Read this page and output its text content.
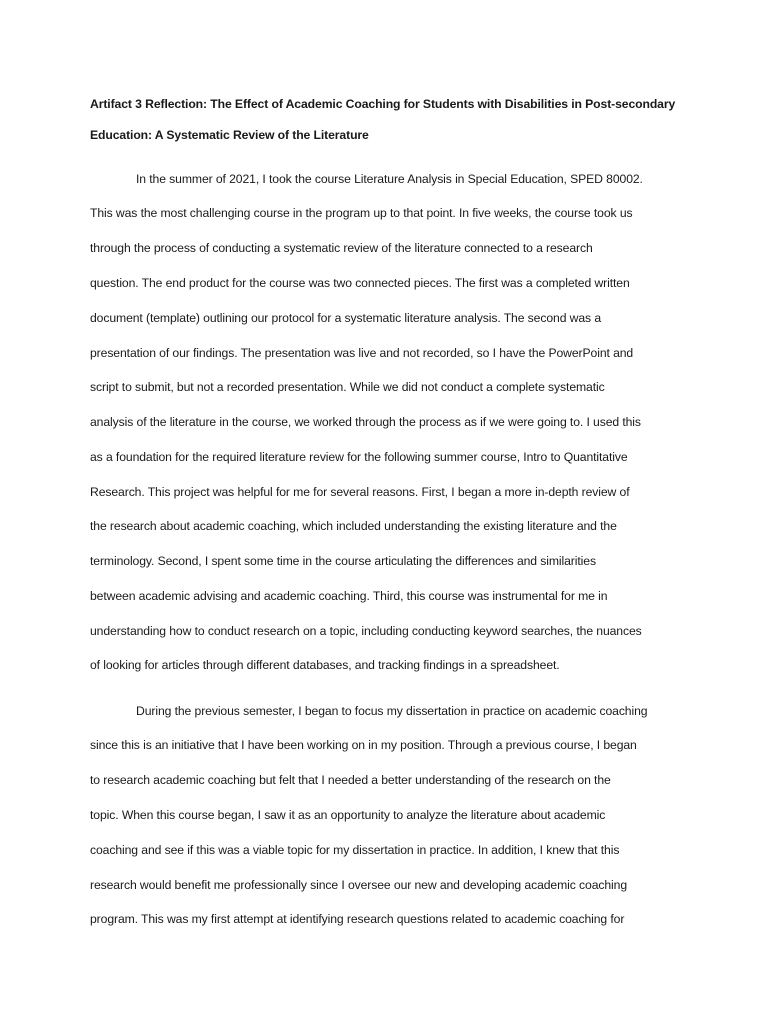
Artifact 3 Reflection: The Effect of Academic Coaching for Students with Disabilities in Post-secondary

Education: A Systematic Review of the Literature

In the summer of 2021, I took the course Literature Analysis in Special Education, SPED 80002.

This was the most challenging course in the program up to that point. In five weeks, the course took us

through the process of conducting a systematic review of the literature connected to a research

question. The end product for the course was two connected pieces. The first was a completed written

document (template) outlining our protocol for a systematic literature analysis. The second was a

presentation of our findings. The presentation was live and not recorded, so I have the PowerPoint and

script to submit, but not a recorded presentation. While we did not conduct a complete systematic

analysis of the literature in the course, we worked through the process as if we were going to. I used this

as a foundation for the required literature review for the following summer course, Intro to Quantitative

Research. This project was helpful for me for several reasons. First, I began a more in-depth review of

the research about academic coaching, which included understanding the existing literature and the

terminology. Second, I spent some time in the course articulating the differences and similarities

between academic advising and academic coaching. Third, this course was instrumental for me in

understanding how to conduct research on a topic, including conducting keyword searches, the nuances

of looking for articles through different databases, and tracking findings in a spreadsheet.

During the previous semester, I began to focus my dissertation in practice on academic coaching

since this is an initiative that I have been working on in my position. Through a previous course, I began

to research academic coaching but felt that I needed a better understanding of the research on the

topic. When this course began, I saw it as an opportunity to analyze the literature about academic

coaching and see if this was a viable topic for my dissertation in practice. In addition, I knew that this

research would benefit me professionally since I oversee our new and developing academic coaching

program. This was my first attempt at identifying research questions related to academic coaching for
